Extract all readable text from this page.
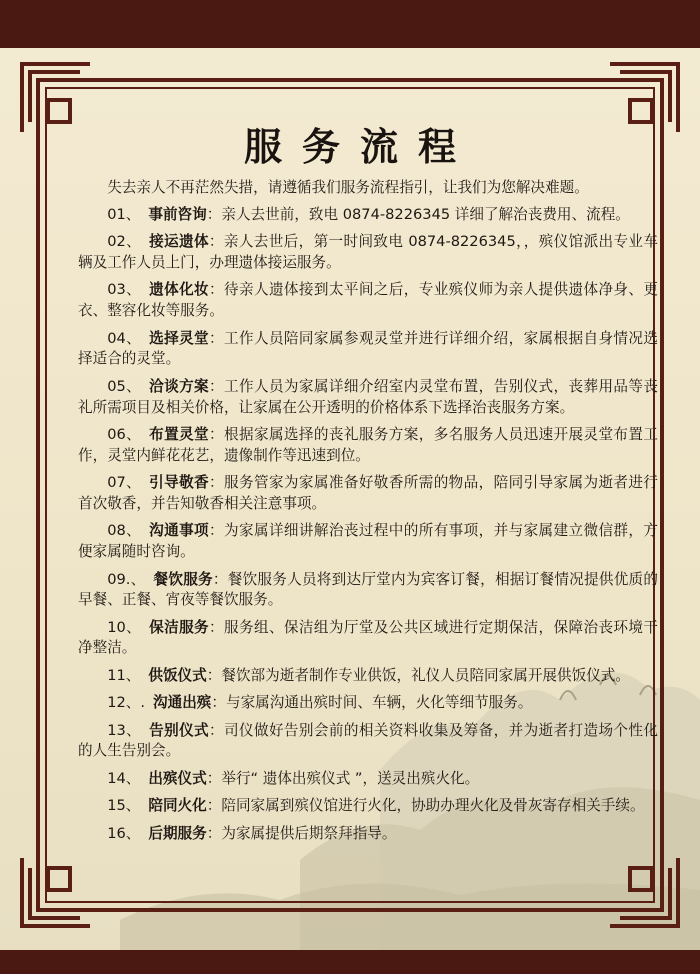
服务流程

失去亲人不再茫然失措，请遵循我们服务流程指引，让我们为您解决难题。

01、 事前咨询：亲人去世前，致电 0874-8226345 详细了解治丧费用、流程。

02、 接运遗体：亲人去世后，第一时间致电 0874-8226345，，殡仪馆派出专业车辆及工作人员上门，办理遗体接运服务。

03、 遗体化妆：待亲人遗体接到太平间之后，专业殡仪师为亲人提供遗体净身、更衣、整容化妆等服务。

04、 选择灵堂：工作人员陪同家属参观灵堂并进行详细介绍，家属根据自身情况选择适合的灵堂。

05、 洽谈方案：工作人员为家属详细介绍室内灵堂布置，告别仪式，丧葬用品等丧礼所需项目及相关价格，让家属在公开透明的价格体系下选择治丧服务方案。

06、 布置灵堂：根据家属选择的丧礼服务方案，多名服务人员迅速开展灵堂布置工作，灵堂内鲜花花艺，遗像制作等迅速到位。

07、 引导敬香：服务管家为家属准备好敬香所需的物品，陪同引导家属为逝者进行首次敬香，并告知敬香相关注意事项。

08、 沟通事项：为家属详细讲解治丧过程中的所有事项，并与家属建立微信群，方便家属随时咨询。

09.、 餐饮服务：餐饮服务人员将到达厅堂内为宾客订餐，相据订餐情况提供优质的早餐、正餐、宵夜等餐饮服务。

10、 保洁服务：服务组、保洁组为厅堂及公共区域进行定期保洁，保障治丧环境干净整洁。

11、 供饭仪式：餐饮部为逝者制作专业供饭，礼仪人员陪同家属开展供饭仪式。

12、. 沟通出殡：与家属沟通出殡时间、车辆，火化等细节服务。

13、 告别仪式：司仪做好告别会前的相关资料收集及筹备，并为逝者打造场个性化的人生告别会。

14、 出殡仪式：举行“ 遗体出殡仪式 ”，送灵出殡火化。

15、 陪同火化：陪同家属到殡仪馆进行火化，协助办理火化及骨灰寄存相关手续。

16、 后期服务：为家属提供后期祭拜指导。
